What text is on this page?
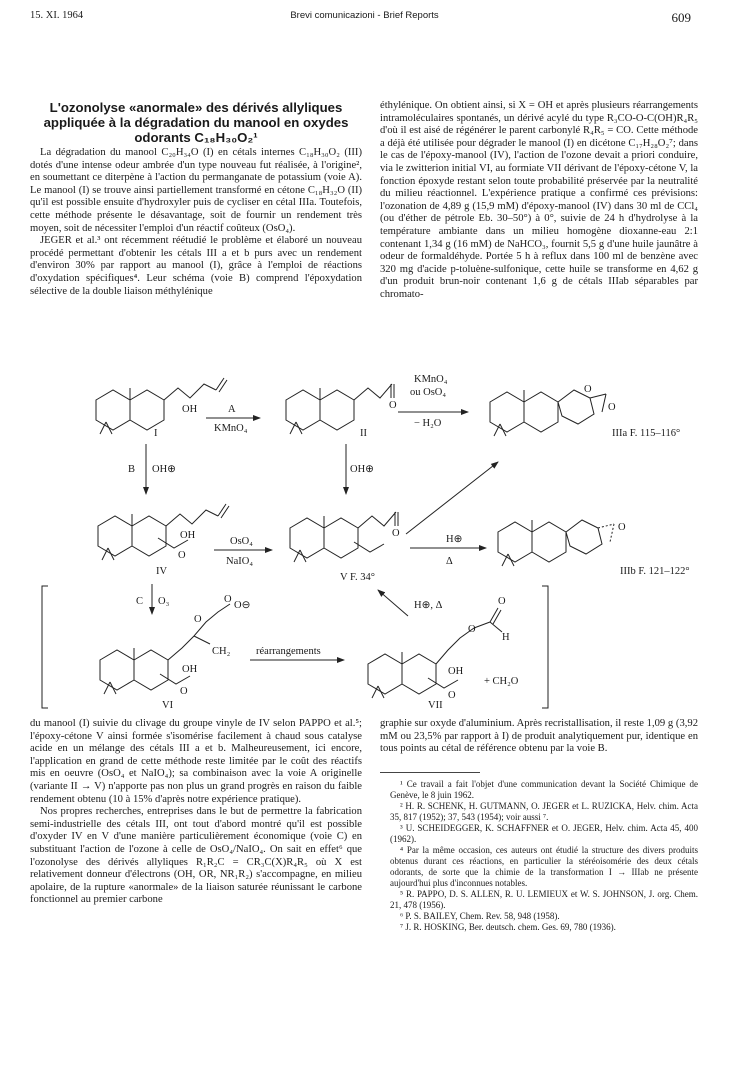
15. XI. 1964	Brevi comunicazioni - Brief Reports	609
L'ozonolyse «anormale» des dérivés allyliques appliquée à la dégradation du manool en oxydes odorants C₁₈H₃₀O₂¹

La dégradation du manool C₂₀H₃₄O (I) en cétals internes C₁₈H₃₀O₂ (III) dotés d'une intense odeur ambrée d'un type nouveau fut réalisée, à l'origine², en soumettant ce diterpène à l'action du permanganate de potassium (voie A). Le manool (I) se trouve ainsi partiellement transformé en cétone C₁₈H₃₂O (II) qu'il est possible ensuite d'hydroxyler puis de cycliser en cétal IIIa. Toutefois, cette méthode présente le désavantage, soit de fournir un rendement très moyen, soit de nécessiter l'emploi d'un réactif coûteux (OsO₄).

JEGER et al.³ ont récemment réétudié le problème et élaboré un nouveau procédé permettant d'obtenir les cétals III a et b purs avec un rendement d'environ 30% par rapport au manool (I), grâce à l'emploi de réactions d'oxydation spécifiques⁴. Leur schéma (voie B) comprend l'époxydation sélective de la double liaison méthylénique

éthylénique. On obtient ainsi, si X = OH et après plusieurs réarrangements intramoléculaires spontanés, un dérivé acylé du type R₃CO-O-C(OH)R₄R₅ d'où il est aisé de régénérer le parent carbonylé R₄R₅ = CO. Cette méthode a déjà été utilisée pour dégrader le manool (I) en dicétone C₁₇H₂₈O₂⁷; dans le cas de l'époxy-manool (IV), l'action de l'ozone devait a priori conduire, via le zwitterion initial VI, au formiate VII dérivant de l'époxy-cétone V, la fonction époxyde restant selon toute probabilité préservée par la neutralité du milieu réactionnel. L'expérience pratique a confirmé ces prévisions: l'ozonation de 4,89 g (15,9 mM) d'époxy-manool (IV) dans 30 ml de CCl₄ (ou d'éther de pétrole Eb. 30–50°) à 0°, suivie de 24 h d'hydrolyse à la température ambiante dans un milieu homogène dioxanne-eau 2:1 contenant 1,34 g (16 mM) de NaHCO₃, fournit 5,5 g d'une huile jaunâtre à odeur de formaldéhyde. Portée 5 h à reflux dans 100 ml de benzène avec 320 mg d'acide p-toluène-sulfonique, cette huile se transforme en 4,62 g d'un produit brun-noir contenant 1,6 g de cétals IIIab séparables par chromato-

OH
I
A
KMnO₄
O
II
KMnO₄
ou OsO₄
− H₂O
O
O
IIIa F. 115–116°
B OH⊕	OH⊕
OH
O
IV
OsO₄
NaIO₄
O
V F. 34°
H⊕
Δ
O
IIIb F. 121–122°
C O₃
O
O
O⊖
CH₂
OH
O
VI
réarrangements
H⊕, Δ
O
O
H
OH
O
VII
+ CH₂O

du manool (I) suivie du clivage du groupe vinyle de IV selon PAPPO et al.⁵; l'époxy-cétone V ainsi formée s'isomérise facilement à chaud sous catalyse acide en un mélange des cétals III a et b. Malheureusement, ici encore, l'application en grand de cette méthode reste limitée par le coût des réactifs mis en oeuvre (OsO₄ et NaIO₄); sa combinaison avec la voie A originelle (variante II → V) n'apporte pas non plus un grand progrès en raison du faible rendement obtenu (10 à 15% d'après notre expérience pratique).

Nos propres recherches, entreprises dans le but de permettre la fabrication semi-industrielle des cétals III, ont tout d'abord montré qu'il est possible d'oxyder IV en V d'une manière particulièrement économique (voie C) en substituant l'action de l'ozone à celle de OsO₄/NaIO₄. On sait en effet⁶ que l'ozonolyse des dérivés allyliques R₁R₂C = CR₃C(X)R₄R₅ où X est relativement donneur d'électrons (OH, OR, NR₁R₂) s'accompagne, en milieu apolaire, de la rupture «anormale» de la liaison saturée réunissant le carbone fonctionnel au premier carbone

graphie sur oxyde d'aluminium. Après recristallisation, il reste 1,09 g (3,92 mM ou 23,5% par rapport à I) de produit analytiquement pur, identique en tous points au cétal de référence obtenu par la voie B.

¹ Ce travail a fait l'objet d'une communication devant la Société Chimique de Genève, le 8 juin 1962.

² H. R. SCHENK, H. GUTMANN, O. JEGER et L. RUZICKA, Helv. chim. Acta 35, 817 (1952); 37, 543 (1954); voir aussi ⁷.

³ U. SCHEIDEGGER, K. SCHAFFNER et O. JEGER, Helv. chim. Acta 45, 400 (1962).

⁴ Par la même occasion, ces auteurs ont étudié la structure des divers produits obtenus durant ces réactions, en particulier la stéréoisomérie des deux cétals odorants, de sorte que la chimie de la transformation I → IIIab ne présente aujourd'hui plus d'inconnues notables.

⁵ R. PAPPO, D. S. ALLEN, R. U. LEMIEUX et W. S. JOHNSON, J. org. Chem. 21, 478 (1956).

⁶ P. S. BAILEY, Chem. Rev. 58, 948 (1958).

⁷ J. R. HOSKING, Ber. deutsch. chem. Ges. 69, 780 (1936).
